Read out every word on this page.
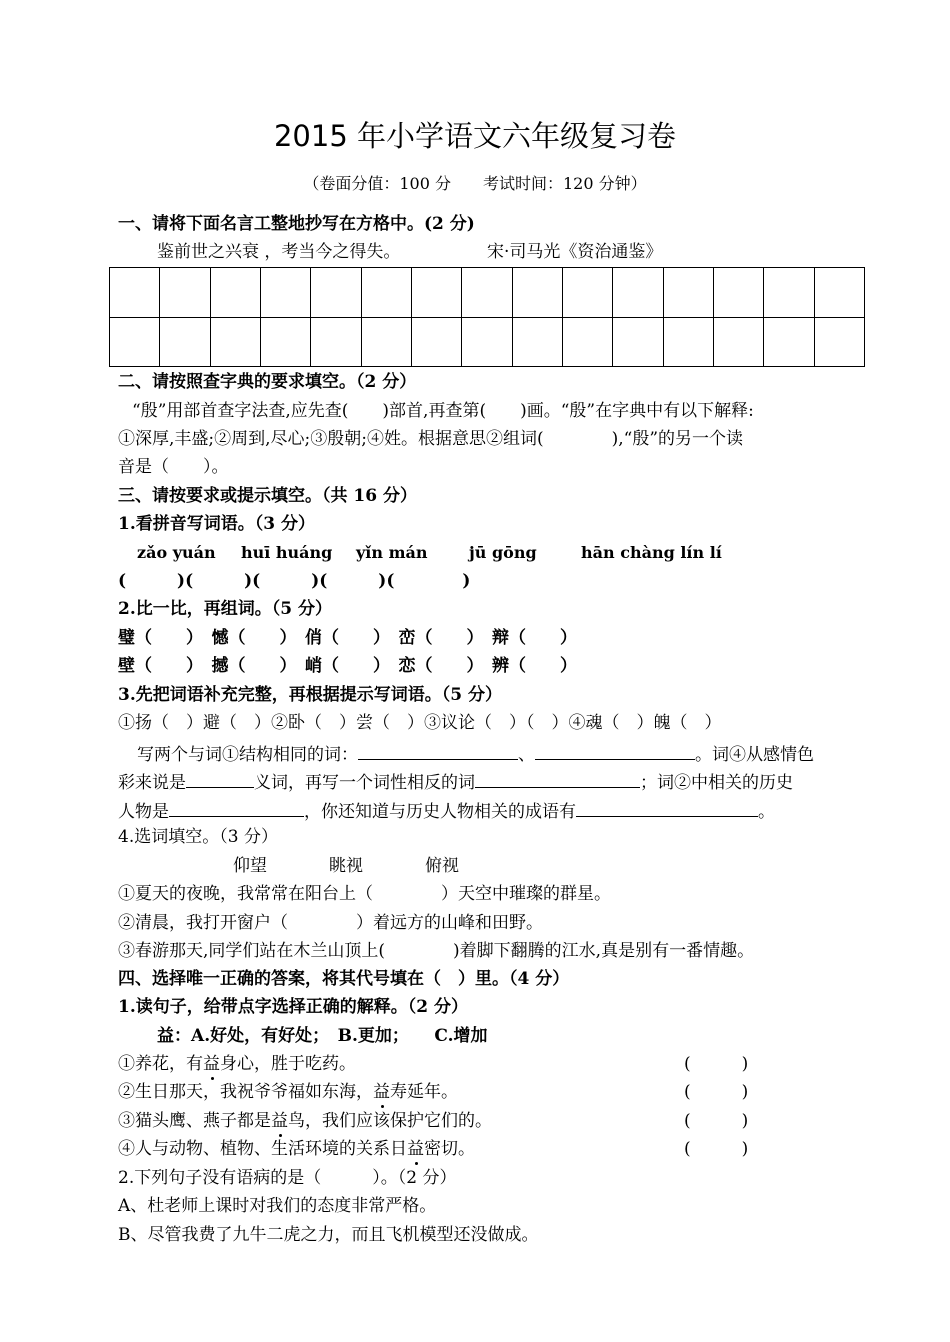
2015 年小学语文六年级复习卷
（卷面分值：100 分　　考试时间：120 分钟）
一、请将下面名言工整地抄写在方格中。(2 分)
鉴前世之兴衰 ，考当今之得失。	宋·司马光《资治通鉴》

二、请按照查字典的要求填空。（2 分）
“殷”用部首查字法查,应先查(　　)部首,再查第(　　)画。“殷”在字典中有以下解释:
①深厚,丰盛;②周到,尽心;③殷朝;④姓。根据意思②组词(　　　　),“殷”的另一个读
音是（　　）。
三、请按要求或提示填空。（共 16 分）
1.看拼音写词语。（3 分）
zǎo yuán huī huáng yǐn mán	jū gōng	hān chàng lín lí
(　　　)(　　　)(　　　)(　　　)(　　　　)
2.比一比，再组词。（5 分）
璧（　　）　憾（　　）　俏（　　）　峦（　　）　辩（　　）
壁（　　）　撼（　　）　峭（　　）　恋（　　）　辨（　　）
3.先把词语补充完整，再根据提示写词语。（5 分）
①扬（　）避（　）②卧（　）尝（　）③议论（　）（　）④魂（　）魄（　）
写两个与词①结构相同的词：	、	。词④从感情色
彩来说是	义词，再写一个词性相反的词	；词②中相关的历史
人物是	，你还知道与历史人物相关的成语有	。
4.选词填空。（3 分）
仰望	眺视	俯视
①夏天的夜晚，我常常在阳台上（　　　　）天空中璀璨的群星。
②清晨，我打开窗户（　　　　）着远方的山峰和田野。
③春游那天,同学们站在木兰山顶上(　　　　)着脚下翻腾的江水,真是别有一番情趣。
四、选择唯一正确的答案，将其代号填在（　）里。（4 分）
1.读句子，给带点字选择正确的解释。（2 分）
益：A.好处，有好处；　B.更加；　　C.增加
①养花，有益身心，胜于吃药。	(　　　)
②生日那天，我祝爷爷福如东海，益寿延年。	(　　　)
③猫头鹰、燕子都是益鸟，我们应该保护它们的。	(　　　)
④人与动物、植物、生活环境的关系日益密切。	(　　　)
2.下列句子没有语病的是（　　　）。（2 分）
A、杜老师上课时对我们的态度非常严格。
B、尽管我费了九牛二虎之力，而且飞机模型还没做成。
